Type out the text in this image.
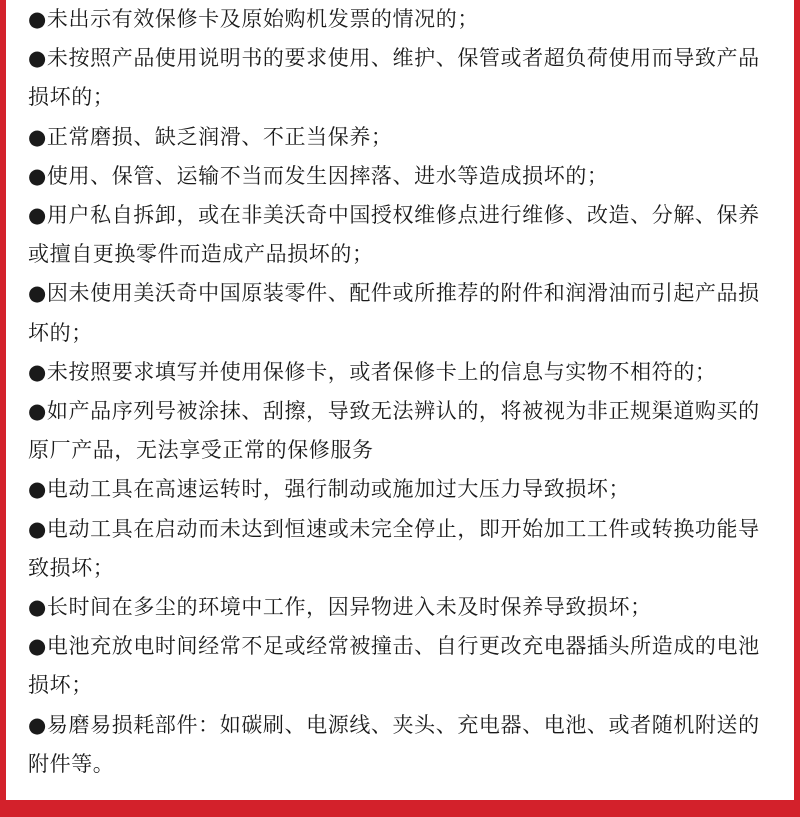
●未出示有效保修卡及原始购机发票的情况的；

●未按照产品使用说明书的要求使用、维护、保管或者超负荷使用而导致产品损坏的；

●正常磨损、缺乏润滑、不正当保养；

●使用、保管、运输不当而发生因摔落、进水等造成损坏的；

●用户私自拆卸，或在非美沃奇中国授权维修点进行维修、改造、分解、保养或擅自更换零件而造成产品损坏的；

●因未使用美沃奇中国原装零件、配件或所推荐的附件和润滑油而引起产品损坏的；

●未按照要求填写并使用保修卡，或者保修卡上的信息与实物不相符的；

●如产品序列号被涂抹、刮擦，导致无法辨认的，将被视为非正规渠道购买的原厂产品，无法享受正常的保修服务

●电动工具在高速运转时，强行制动或施加过大压力导致损坏；

●电动工具在启动而未达到恒速或未完全停止，即开始加工工件或转换功能导致损坏；

●长时间在多尘的环境中工作，因异物进入未及时保养导致损坏；

●电池充放电时间经常不足或经常被撞击、自行更改充电器插头所造成的电池损坏；

●易磨易损耗部件：如碳刷、电源线、夹头、充电器、电池、或者随机附送的附件等。
